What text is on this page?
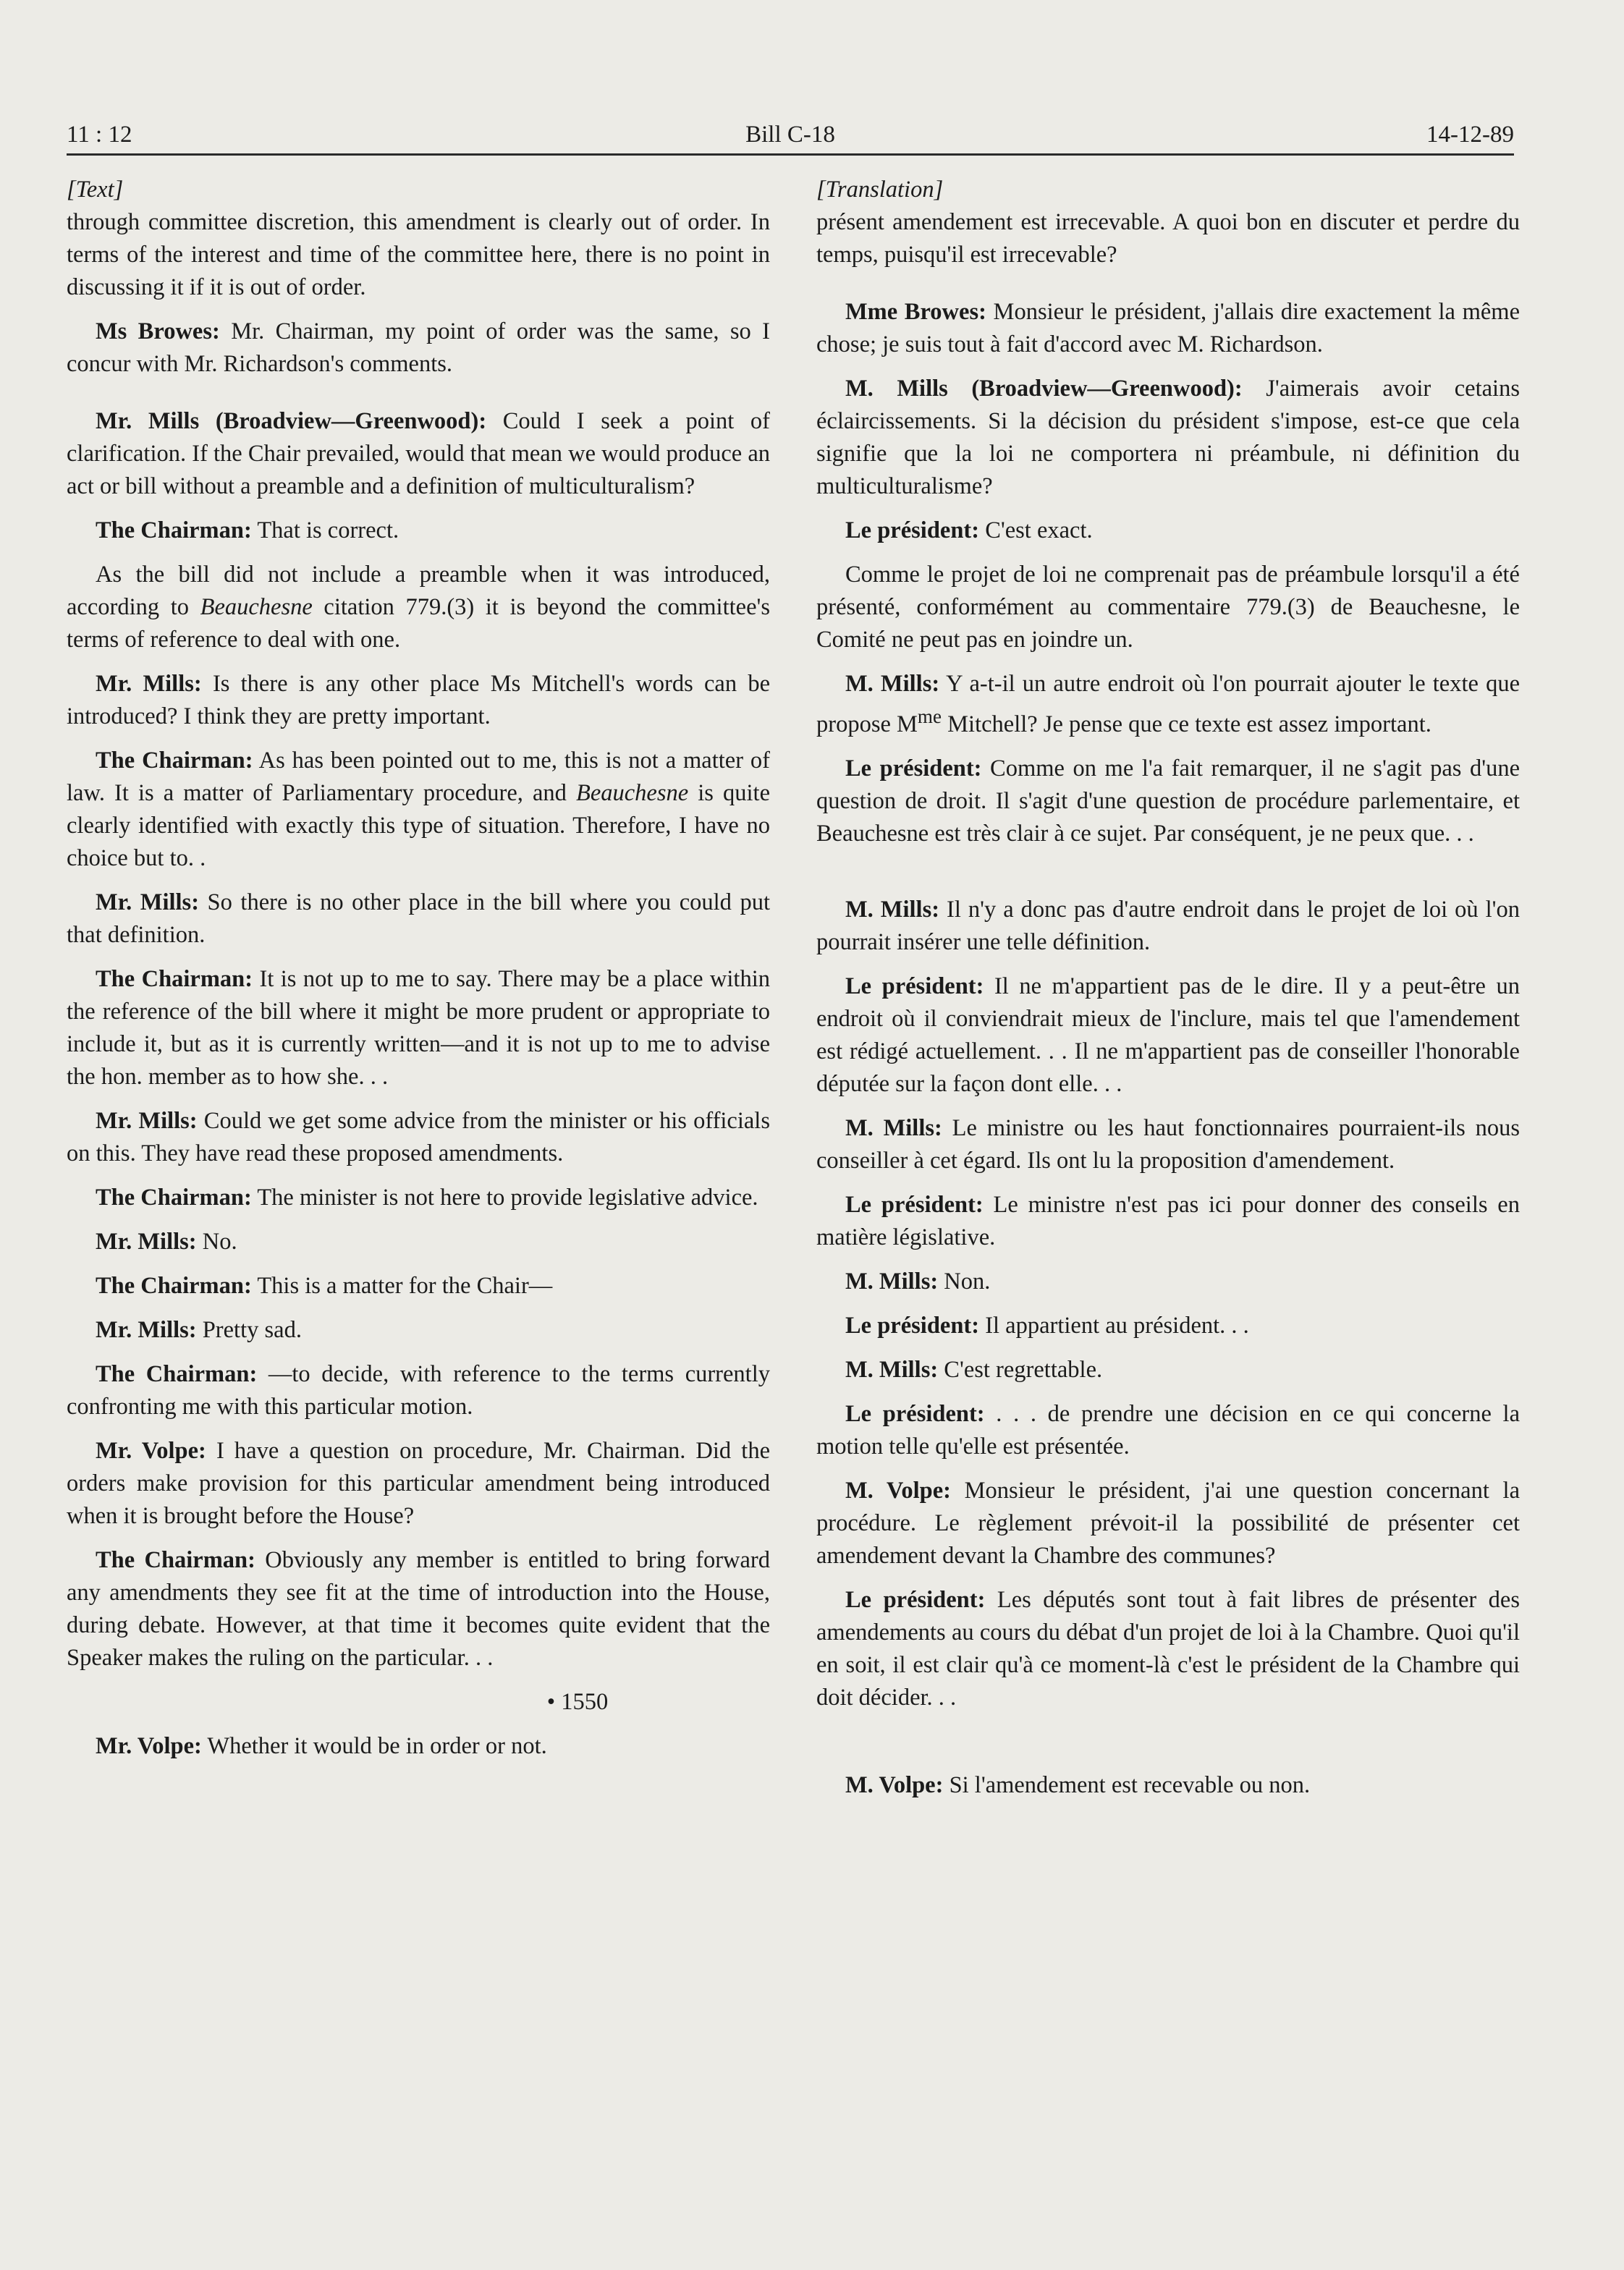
11 : 12	Bill C-18	14-12-89
[Text]

through committee discretion, this amendment is clearly out of order. In terms of the interest and time of the committee here, there is no point in discussing it if it is out of order.

Ms Browes: Mr. Chairman, my point of order was the same, so I concur with Mr. Richardson's comments.

Mr. Mills (Broadview—Greenwood): Could I seek a point of clarification. If the Chair prevailed, would that mean we would produce an act or bill without a preamble and a definition of multiculturalism?

The Chairman: That is correct.

As the bill did not include a preamble when it was introduced, according to Beauchesne citation 779.(3) it is beyond the committee's terms of reference to deal with one.

Mr. Mills: Is there is any other place Ms Mitchell's words can be introduced? I think they are pretty important.

The Chairman: As has been pointed out to me, this is not a matter of law. It is a matter of Parliamentary procedure, and Beauchesne is quite clearly identified with exactly this type of situation. Therefore, I have no choice but to. .

Mr. Mills: So there is no other place in the bill where you could put that definition.

The Chairman: It is not up to me to say. There may be a place within the reference of the bill where it might be more prudent or appropriate to include it, but as it is currently written—and it is not up to me to advise the hon. member as to how she. . .

Mr. Mills: Could we get some advice from the minister or his officials on this. They have read these proposed amendments.

The Chairman: The minister is not here to provide legislative advice.

Mr. Mills: No.

The Chairman: This is a matter for the Chair—

Mr. Mills: Pretty sad.

The Chairman: —to decide, with reference to the terms currently confronting me with this particular motion.

Mr. Volpe: I have a question on procedure, Mr. Chairman. Did the orders make provision for this particular amendment being introduced when it is brought before the House?

The Chairman: Obviously any member is entitled to bring forward any amendments they see fit at the time of introduction into the House, during debate. However, at that time it becomes quite evident that the Speaker makes the ruling on the particular. . .

• 1550

Mr. Volpe: Whether it would be in order or not.

[Translation]

présent amendement est irrecevable. A quoi bon en discuter et perdre du temps, puisqu'il est irrecevable?

Mme Browes: Monsieur le président, j'allais dire exactement la même chose; je suis tout à fait d'accord avec M. Richardson.

M. Mills (Broadview—Greenwood): J'aimerais avoir cetains éclaircissements. Si la décision du président s'impose, est-ce que cela signifie que la loi ne comportera ni préambule, ni définition du multiculturalisme?

Le président: C'est exact.

Comme le projet de loi ne comprenait pas de préambule lorsqu'il a été présenté, conformément au commentaire 779.(3) de Beauchesne, le Comité ne peut pas en joindre un.

M. Mills: Y a-t-il un autre endroit où l'on pourrait ajouter le texte que propose $M^{me}$ Mitchell? Je pense que ce texte est assez important.

Le président: Comme on me l'a fait remarquer, il ne s'agit pas d'une question de droit. Il s'agit d'une question de procédure parlementaire, et Beauchesne est très clair à ce sujet. Par conséquent, je ne peux que. . .

M. Mills: Il n'y a donc pas d'autre endroit dans le projet de loi où l'on pourrait insérer une telle définition.

Le président: Il ne m'appartient pas de le dire. Il y a peut-être un endroit où il conviendrait mieux de l'inclure, mais tel que l'amendement est rédigé actuellement. . . Il ne m'appartient pas de conseiller l'honorable députée sur la façon dont elle. . .

M. Mills: Le ministre ou les haut fonctionnaires pourraient-ils nous conseiller à cet égard. Ils ont lu la proposition d'amendement.

Le président: Le ministre n'est pas ici pour donner des conseils en matière législative.

M. Mills: Non.

Le président: Il appartient au président. . .

M. Mills: C'est regrettable.

Le président: . . . de prendre une décision en ce qui concerne la motion telle qu'elle est présentée.

M. Volpe: Monsieur le président, j'ai une question concernant la procédure. Le règlement prévoit-il la possibilité de présenter cet amendement devant la Chambre des communes?

Le président: Les députés sont tout à fait libres de présenter des amendements au cours du débat d'un projet de loi à la Chambre. Quoi qu'il en soit, il est clair qu'à ce moment-là c'est le président de la Chambre qui doit décider. . .

M. Volpe: Si l'amendement est recevable ou non.
